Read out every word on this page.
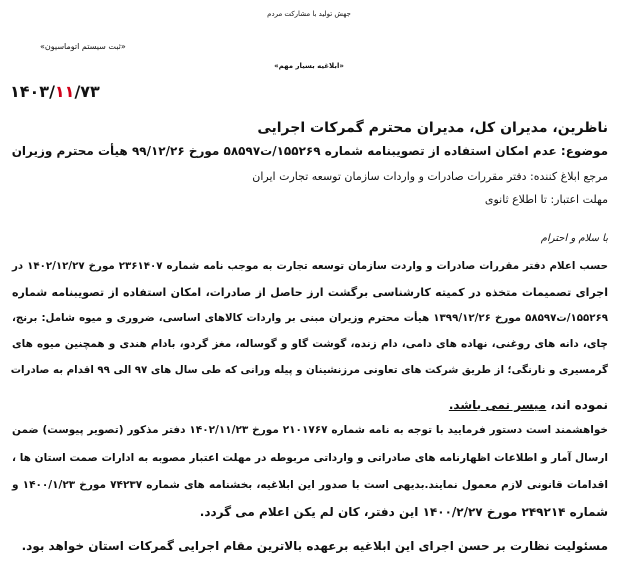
جهش تولید با مشارکت مردم
«ثبت سیستم اتوماسیون»
«ابلاغیه بسیار مهم»
۱۴۰۳/۱۱/۷۳
ناظرین، مدیران کل، مدیران محترم گمرکات اجرایی
موضوع: عدم امکان استفاده از تصویبنامه شماره ۱۵۵۲۶۹/ت۵۸۵۹۷ مورخ ۹۹/۱۲/۲۶ هیأت محترم وزیران
مرجع ابلاغ کننده: دفتر مقررات صادرات و واردات سازمان توسعه تجارت ایران
مهلت اعتبار: تا اطلاع ثانوی
با سلام و احترام
حسب اعلام دفتر مقررات صادرات و واردت سازمان توسعه تجارت به موجب نامه شماره ۲۳۶۱۴۰۷ مورخ ۱۴۰۲/۱۲/۲۷ در
اجرای تصمیمات متخذه در کمیته کارشناسی برگشت ارز حاصل از صادرات، امکان استفاده از تصویبنامه شماره
۱۵۵۲۶۹/ت۵۸۵۹۷ مورخ ۱۳۹۹/۱۲/۲۶ هیأت محترم وزیران مبنی بر واردات کالاهای اساسی، ضروری و میوه شامل: برنج،
چای، دانه های روغنی، نهاده های دامی، دام زنده، گوشت گاو و گوساله، مغز گردو، بادام هندی و همچنین میوه های
گرمسیری و نارنگی؛ از طریق شرکت های تعاونی مرزنشینان و پیله ورانی که طی سال های ۹۷ الی ۹۹ اقدام به صادرات
نموده اند، میسر نمی باشد.
خواهشمند است دستور فرمایید با توجه به نامه شماره ۲۱۰۱۷۶۷ مورخ ۱۴۰۲/۱۱/۲۳ دفتر مذکور (تصویر پیوست) ضمن
ارسال آمار و اطلاعات اظهارنامه های صادراتی و وارداتی مربوطه در مهلت اعتبار مصوبه به ادارات صمت استان ها ،
اقدامات قانونی لازم معمول نمایند.بدیهی است با صدور این ابلاغیه، بخشنامه های شماره ۷۴۲۳۷ مورخ ۱۴۰۰/۱/۲۳ و
شماره ۲۴۹۲۱۴ مورخ ۱۴۰۰/۲/۲۷ این دفتر، کان لم یکن اعلام می گردد.
مسئولیت نظارت بر حسن اجرای این ابلاغیه برعهده بالاترین مقام اجرایی گمرکات استان خواهد بود.
